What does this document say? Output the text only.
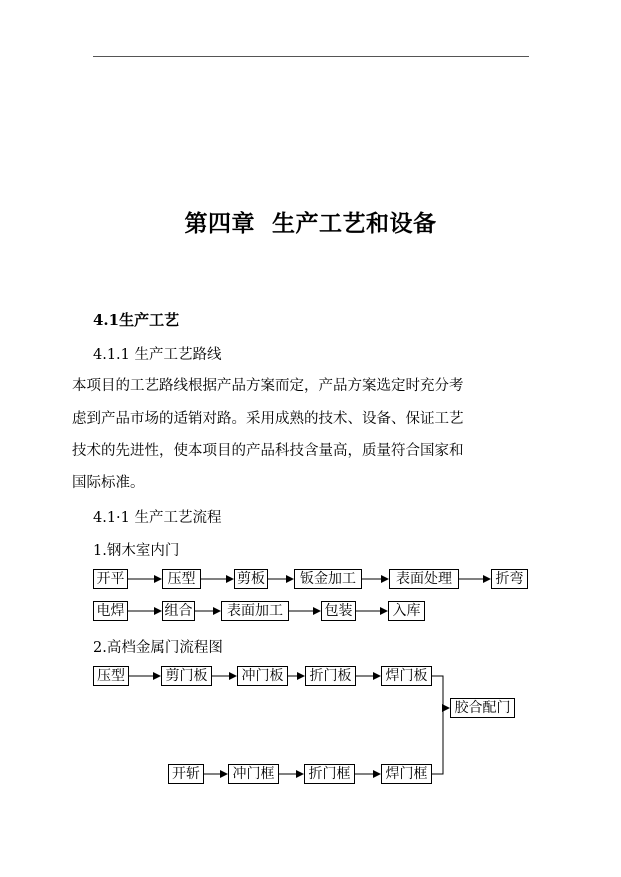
第四章  生产工艺和设备
4.1生产工艺
4.1.1 生产工艺路线
本项目的工艺路线根据产品方案而定，产品方案选定时充分考
虑到产品市场的适销对路。采用成熟的技术、设备、保证工艺
技术的先进性，使本项目的产品科技含量高，质量符合国家和
国际标准。
4.1·1 生产工艺流程
1.钢木室内门
开平	压型	剪板	钣金加工	表面处理	折弯
电焊	组合	表面加工	包装	入库
2.高档金属门流程图
压型	剪门板	冲门板	折门板	焊门板
胶合配门
开斩	冲门框	折门框	焊门框
